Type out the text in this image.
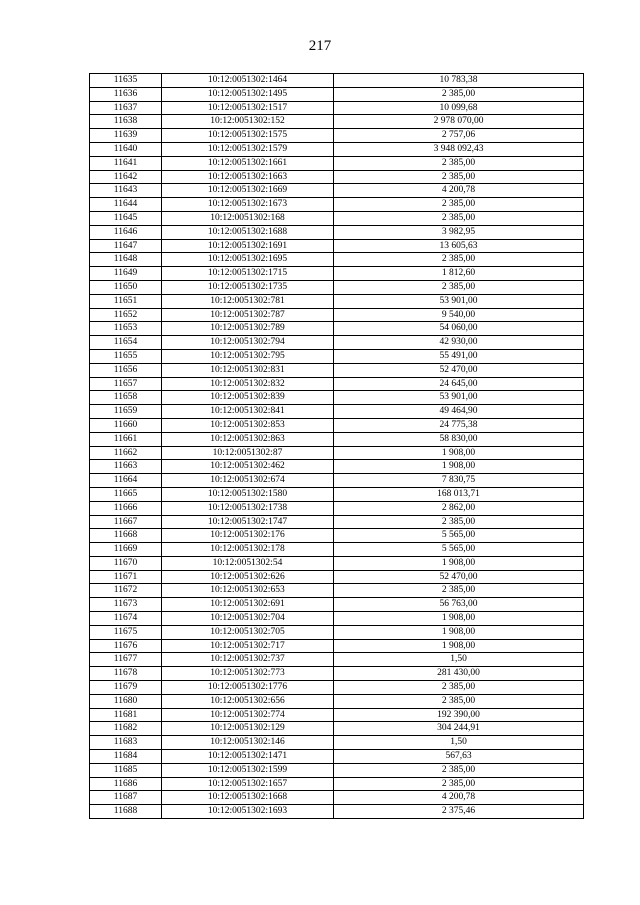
217
11635	10:12:0051302:1464	10 783,38
11636	10:12:0051302:1495	2 385,00
11637	10:12:0051302:1517	10 099,68
11638	10:12:0051302:152	2 978 070,00
11639	10:12:0051302:1575	2 757,06
11640	10:12:0051302:1579	3 948 092,43
11641	10:12:0051302:1661	2 385,00
11642	10:12:0051302:1663	2 385,00
11643	10:12:0051302:1669	4 200,78
11644	10:12:0051302:1673	2 385,00
11645	10:12:0051302:168	2 385,00
11646	10:12:0051302:1688	3 982,95
11647	10:12:0051302:1691	13 605,63
11648	10:12:0051302:1695	2 385,00
11649	10:12:0051302:1715	1 812,60
11650	10:12:0051302:1735	2 385,00
11651	10:12:0051302:781	53 901,00
11652	10:12:0051302:787	9 540,00
11653	10:12:0051302:789	54 060,00
11654	10:12:0051302:794	42 930,00
11655	10:12:0051302:795	55 491,00
11656	10:12:0051302:831	52 470,00
11657	10:12:0051302:832	24 645,00
11658	10:12:0051302:839	53 901,00
11659	10:12:0051302:841	49 464,90
11660	10:12:0051302:853	24 775,38
11661	10:12:0051302:863	58 830,00
11662	10:12:0051302:87	1 908,00
11663	10:12:0051302:462	1 908,00
11664	10:12:0051302:674	7 830,75
11665	10:12:0051302:1580	168 013,71
11666	10:12:0051302:1738	2 862,00
11667	10:12:0051302:1747	2 385,00
11668	10:12:0051302:176	5 565,00
11669	10:12:0051302:178	5 565,00
11670	10:12:0051302:54	1 908,00
11671	10:12:0051302:626	52 470,00
11672	10:12:0051302:653	2 385,00
11673	10:12:0051302:691	56 763,00
11674	10:12:0051302:704	1 908,00
11675	10:12:0051302:705	1 908,00
11676	10:12:0051302:717	1 908,00
11677	10:12:0051302:737	1,50
11678	10:12:0051302:773	281 430,00
11679	10:12:0051302:1776	2 385,00
11680	10:12:0051302:656	2 385,00
11681	10:12:0051302:774	192 390,00
11682	10:12:0051302:129	304 244,91
11683	10:12:0051302:146	1,50
11684	10:12:0051302:1471	567,63
11685	10:12:0051302:1599	2 385,00
11686	10:12:0051302:1657	2 385,00
11687	10:12:0051302:1668	4 200,78
11688	10:12:0051302:1693	2 375,46
